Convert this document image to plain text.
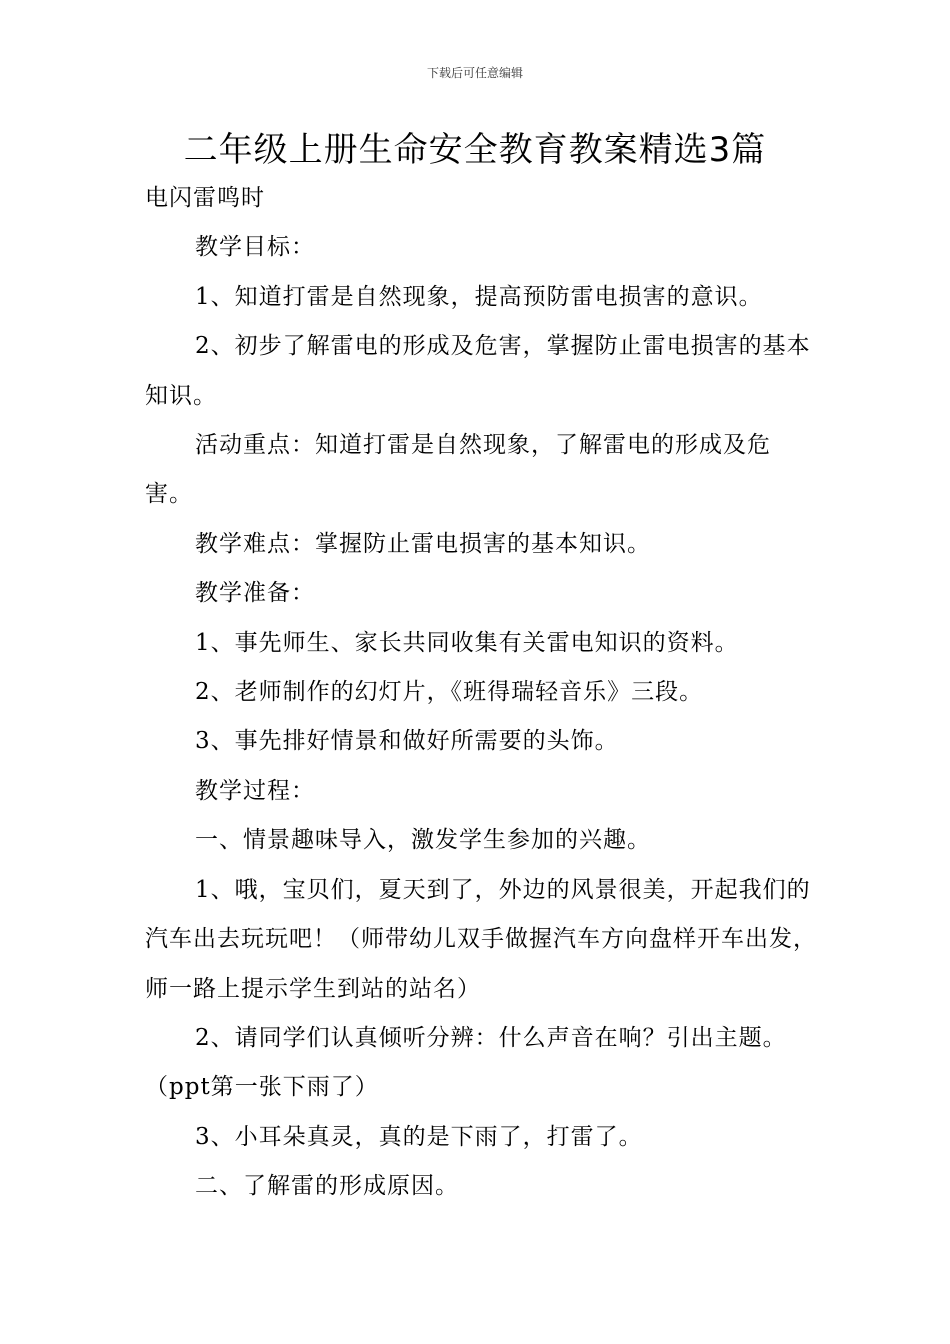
下载后可任意编辑
二年级上册生命安全教育教案精选3篇

电闪雷鸣时

教学目标：

1、知道打雷是自然现象，提高预防雷电损害的意识。

2、初步了解雷电的形成及危害，掌握防止雷电损害的基本知识。

活动重点：知道打雷是自然现象，了解雷电的形成及危害。

教学难点：掌握防止雷电损害的基本知识。

教学准备：

1、事先师生、家长共同收集有关雷电知识的资料。

2、老师制作的幻灯片，《班得瑞轻音乐》三段。

3、事先排好情景和做好所需要的头饰。

教学过程：

一、情景趣味导入，激发学生参加的兴趣。

1、哦，宝贝们，夏天到了，外边的风景很美，开起我们的汽车出去玩玩吧！（师带幼儿双手做握汽车方向盘样开车出发，师一路上提示学生到站的站名）

2、请同学们认真倾听分辨：什么声音在响？引出主题。（ppt第一张下雨了）

3、小耳朵真灵，真的是下雨了，打雷了。

二、了解雷的形成原因。
